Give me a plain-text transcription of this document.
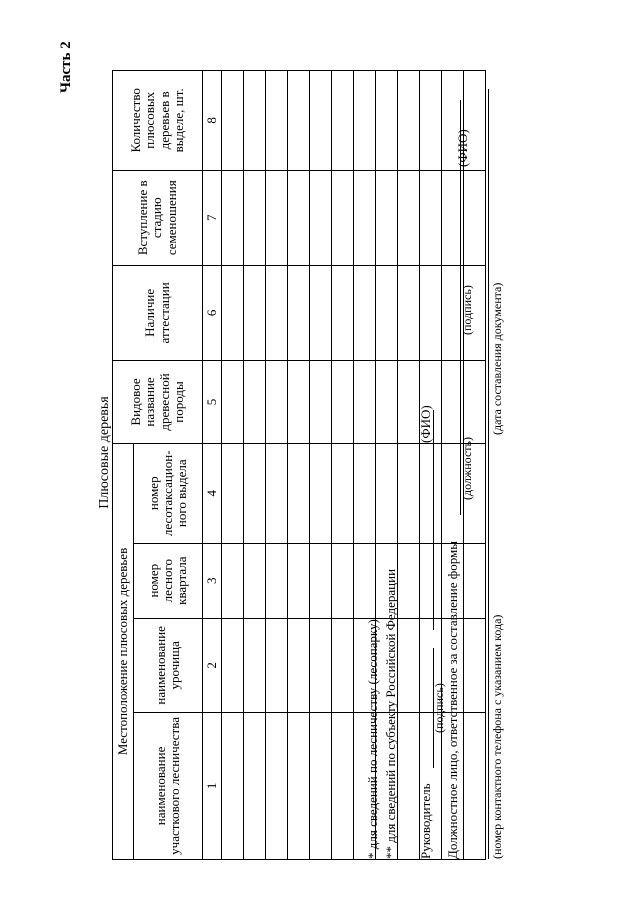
Часть 2
Плюсовые деревья
Местоположение плюсовых деревьев				Видовое название древесной породы	Наличие аттестации	Вступление в стадию семеношения	Количество плюсовых деревьев в выделе, шт.
наименование участкового лесничества	наименование урочища	номер лесного квартала	номер лесотаксацион-ного выдела				
1	2	3	4	5	6	7	8

* для сведений по лесничеству (лесопарку) ** для сведений по субъекту Российской Федерации Руководитель
(подпись)
(ФИО)
Должностное лицо, ответственное за составление формы
(должность)
(подпись)
(ФИО)
(номер контактного телефона с указанием кода)
(дата составления документа)
